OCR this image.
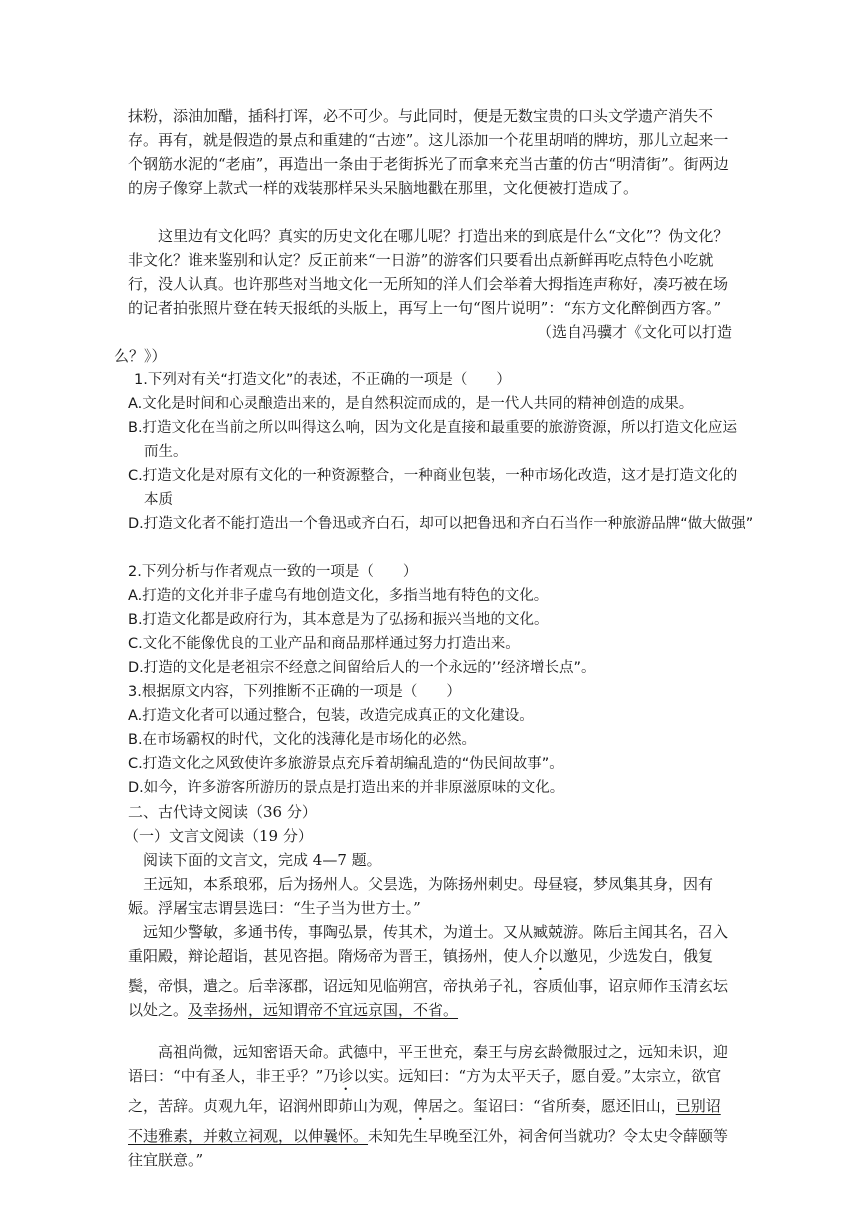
抹粉，添油加醋，插科打诨，必不可少。与此同时，便是无数宝贵的口头文学遗产消失不存。再有，就是假造的景点和重建的“古迹”。这儿添加一个花里胡哨的牌坊，那儿立起来一个钢筋水泥的“老庙”，再造出一条由于老街拆光了而拿来充当古董的仿古“明清街”。街两边的房子像穿上款式一样的戏装那样呆头呆脑地戳在那里，文化便被打造成了。

这里边有文化吗？真实的历史文化在哪儿呢？打造出来的到底是什么“文化”？伪文化？非文化？谁来鉴别和认定？反正前来“一日游”的游客们只要看出点新鲜再吃点特色小吃就行，没人认真。也许那些对当地文化一无所知的洋人们会举着大拇指连声称好，凑巧被在场的记者拍张照片登在转天报纸的头版上，再写上一句“图片说明”：“东方文化醉倒西方客。”

（选自冯骥才《文化可以打造

么？》）

1.下列对有关“打造文化”的表述，不正确的一项是（　　）

A.文化是时间和心灵酿造出来的，是自然积淀而成的，是一代人共同的精神创造的成果。

B.打造文化在当前之所以叫得这么响，因为文化是直接和最重要的旅游资源，所以打造文化应运而生。

C.打造文化是对原有文化的一种资源整合，一种商业包装，一种市场化改造，这才是打造文化的本质

D.打造文化者不能打造出一个鲁迅或齐白石，却可以把鲁迅和齐白石当作一种旅游品牌“做大做强”

2.下列分析与作者观点一致的一项是（　　）

A.打造的文化并非子虚乌有地创造文化，多指当地有特色的文化。

B.打造文化都是政府行为，其本意是为了弘扬和振兴当地的文化。

C.文化不能像优良的工业产品和商品那样通过努力打造出来。

D.打造的文化是老祖宗不经意之间留给后人的一个永远的’’经济增长点”。

3.根据原文内容，下列推断不正确的一项是（　　）

A.打造文化者可以通过整合，包装，改造完成真正的文化建设。

B.在市场霸权的时代，文化的浅薄化是市场化的必然。

C.打造文化之风致使许多旅游景点充斥着胡编乱造的“伪民间故事”。

D.如今，许多游客所游历的景点是打造出来的并非原滋原味的文化。

二、古代诗文阅读（36 分）

（一）文言文阅读（19 分）

阅读下面的文言文，完成 4—7 题。

王远知，本系琅邪，后为扬州人。父昙选，为陈扬州刺史。母昼寝，梦凤集其身，因有娠。浮屠宝志谓昙选曰：“生子当为世方士。”

远知少警敏，多通书传，事陶弘景，传其术，为道士。又从臧兢游。陈后主闻其名，召入重阳殿，辩论超诣，甚见咨挹。隋炀帝为晋王，镇扬州，使人介以邀见，少选发白，俄复鬓，帝惧，遣之。后幸涿郡，诏远知见临朔宫，帝执弟子礼，容质仙事，诏京师作玉清玄坛以处之。及幸扬州，远知谓帝不宜远京国，不省。

高祖尚微，远知密语天命。武德中，平王世充，秦王与房玄龄微服过之，远知未识，迎语曰：“中有圣人，非王乎？”乃诊以实。远知曰：“方为太平天子，愿自爱。”太宗立，欲官之，苦辞。贞观九年，诏润州即茆山为观，俾居之。玺诏曰：“省所奏，愿还旧山，已别诏不违雅素，并敕立祠观，以伸曩怀。未知先生早晚至江外，祠舍何当就功？令太史令薛颐等往宜朕意。”
